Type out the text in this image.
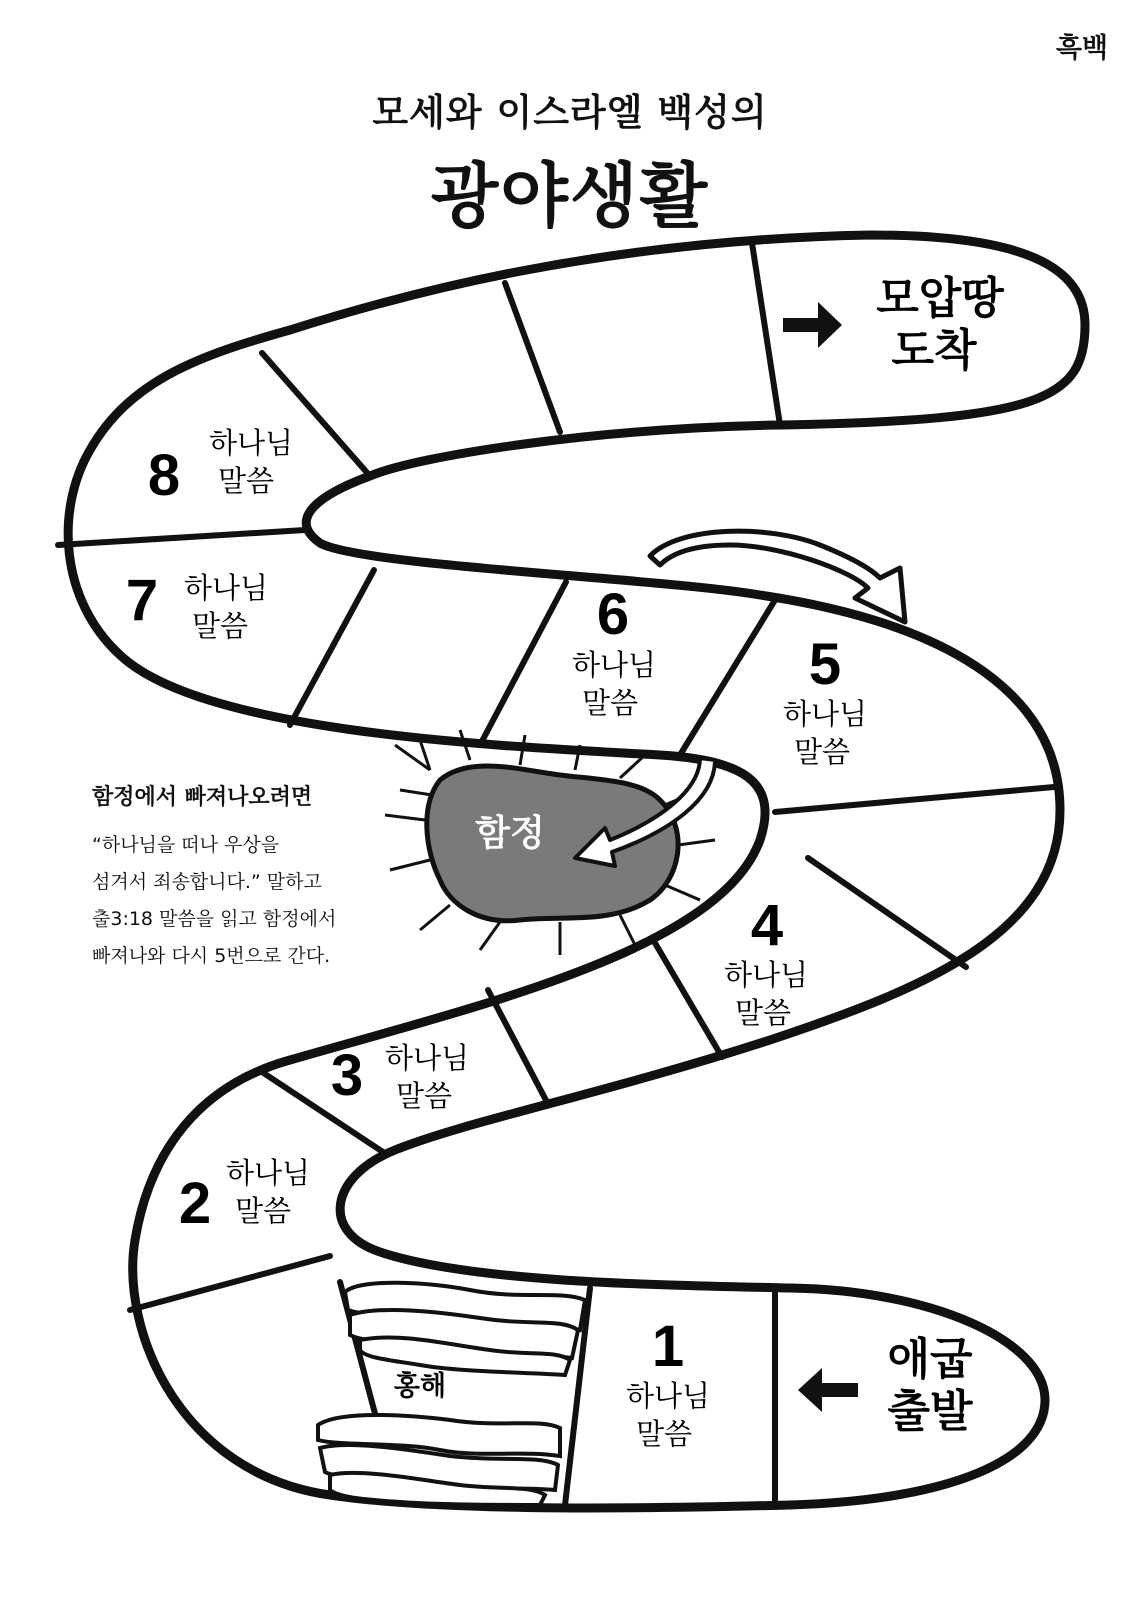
흑백
모세와 이스라엘 백성의
광야생활
모압땅
도착
애굽
출발
홍해
함정
1
하나님
말씀
2 하나님
말씀
3 하나님
말씀
4
하나님
말씀
5
하나님
말씀
6
하나님
말씀
7 하나님
말씀
8 하나님
말씀
함정에서 빠져나오려면
“하나님을 떠나 우상을
섬겨서 죄송합니다.” 말하고
출3:18 말씀을 읽고 함정에서
빠져나와 다시 5번으로 간다.
